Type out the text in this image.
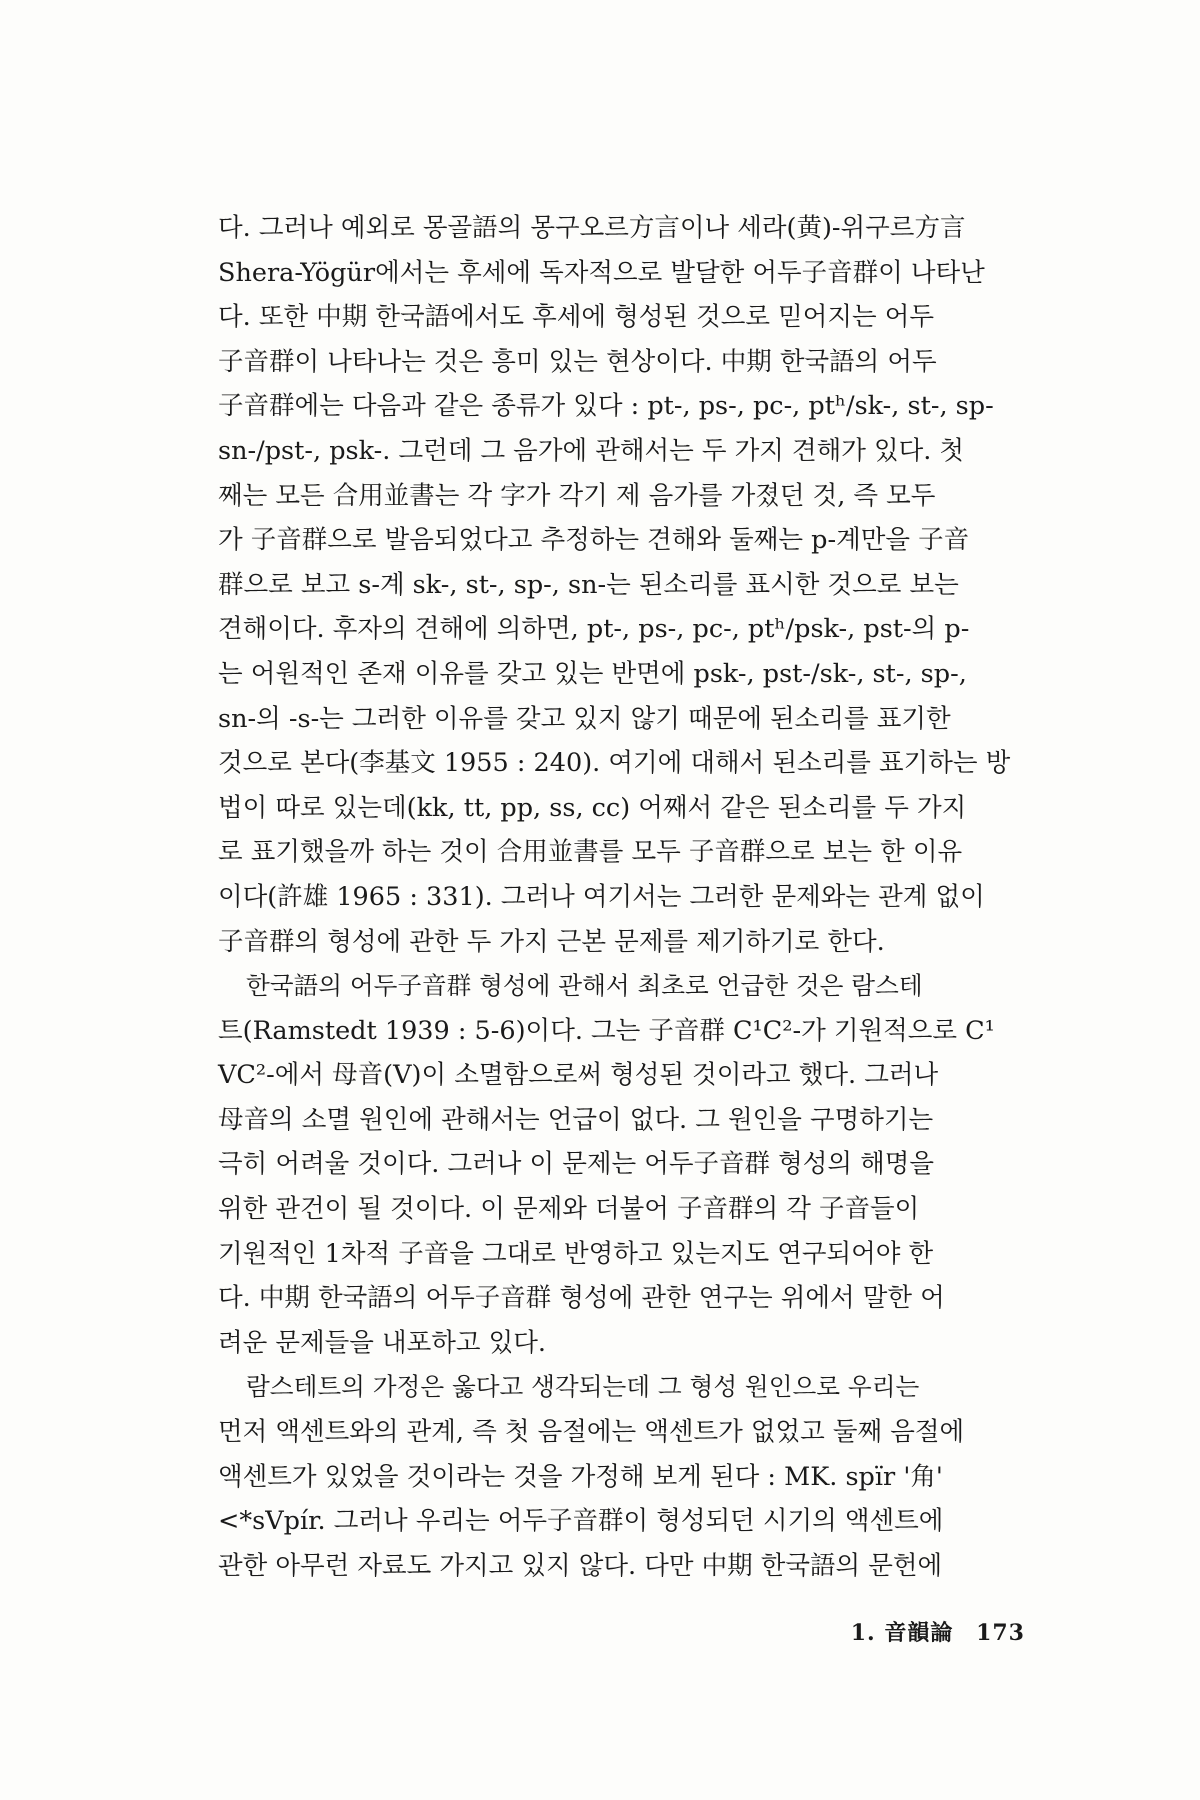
다. 그러나 예외로 몽골語의 몽구오르方言이나 세라(黄)-위구르方言
Shera-Yögür에서는 후세에 독자적으로 발달한 어두子音群이 나타난
다. 또한 中期 한국語에서도 후세에 형성된 것으로 믿어지는 어두
子音群이 나타나는 것은 흥미 있는 현상이다. 中期 한국語의 어두
子音群에는 다음과 같은 종류가 있다 : pt-, ps-, pc-, ptʰ/sk-, st-, sp-
sn-/pst-, psk-. 그런데 그 음가에 관해서는 두 가지 견해가 있다. 첫
째는 모든 合用並書는 각 字가 각기 제 음가를 가졌던 것, 즉 모두
가 子音群으로 발음되었다고 추정하는 견해와 둘째는 p-계만을 子音
群으로 보고 s-계 sk-, st-, sp-, sn-는 된소리를 표시한 것으로 보는
견해이다. 후자의 견해에 의하면, pt-, ps-, pc-, ptʰ/psk-, pst-의 p-
는 어원적인 존재 이유를 갖고 있는 반면에 psk-, pst-/sk-, st-, sp-,
sn-의 -s-는 그러한 이유를 갖고 있지 않기 때문에 된소리를 표기한
것으로 본다(李基文 1955 : 240). 여기에 대해서 된소리를 표기하는 방
법이 따로 있는데(kk, tt, pp, ss, cc) 어째서 같은 된소리를 두 가지
로 표기했을까 하는 것이 合用並書를 모두 子音群으로 보는 한 이유
이다(許雄 1965 : 331). 그러나 여기서는 그러한 문제와는 관계 없이
子音群의 형성에 관한 두 가지 근본 문제를 제기하기로 한다.

한국語의 어두子音群 형성에 관해서 최초로 언급한 것은 람스테
트(Ramstedt 1939 : 5-6)이다. 그는 子音群 C¹C²-가 기원적으로 C¹
VC²-에서 母音(V)이 소멸함으로써 형성된 것이라고 했다. 그러나
母音의 소멸 원인에 관해서는 언급이 없다. 그 원인을 구명하기는
극히 어려울 것이다. 그러나 이 문제는 어두子音群 형성의 해명을
위한 관건이 될 것이다. 이 문제와 더불어 子音群의 각 子音들이
기원적인 1차적 子音을 그대로 반영하고 있는지도 연구되어야 한
다. 中期 한국語의 어두子音群 형성에 관한 연구는 위에서 말한 어
려운 문제들을 내포하고 있다.

람스테트의 가정은 옳다고 생각되는데 그 형성 원인으로 우리는
먼저 액센트와의 관계, 즉 첫 음절에는 액센트가 없었고 둘째 음절에
액센트가 있었을 것이라는 것을 가정해 보게 된다 : MK. spïr '角'
<*sVpír. 그러나 우리는 어두子音群이 형성되던 시기의 액센트에
관한 아무런 자료도 가지고 있지 않다. 다만 中期 한국語의 문헌에

1. 音韻論 173
